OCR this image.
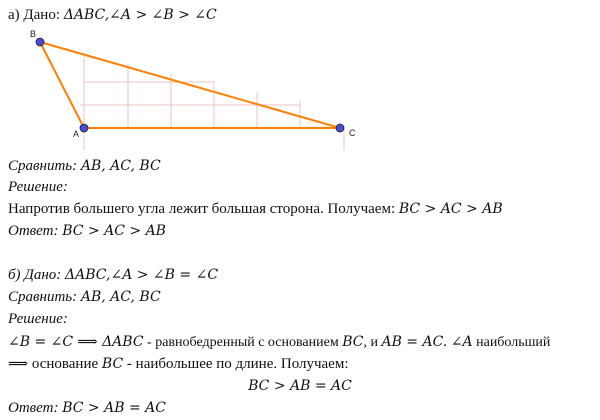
а) Дано: ΔABC,∠A > ∠B > ∠C
B
A	C
Сравнить: AB, AC, BC
Решение:
Напротив большего угла лежит большая сторона. Получаем: BC > AC > AB
Ответ: BC > AC > AB
б) Дано: ΔABC,∠A > ∠B = ∠C
Сравнить: AB, AC, BC
Решение:
∠B = ∠C ⟹ ΔABC - равнобедренный с основанием BC, и AB = AC. ∠A наибольший
⟹ основание BC - наибольшее по длине. Получаем:
BC > AB = AC
Ответ: BC > AB = AC
